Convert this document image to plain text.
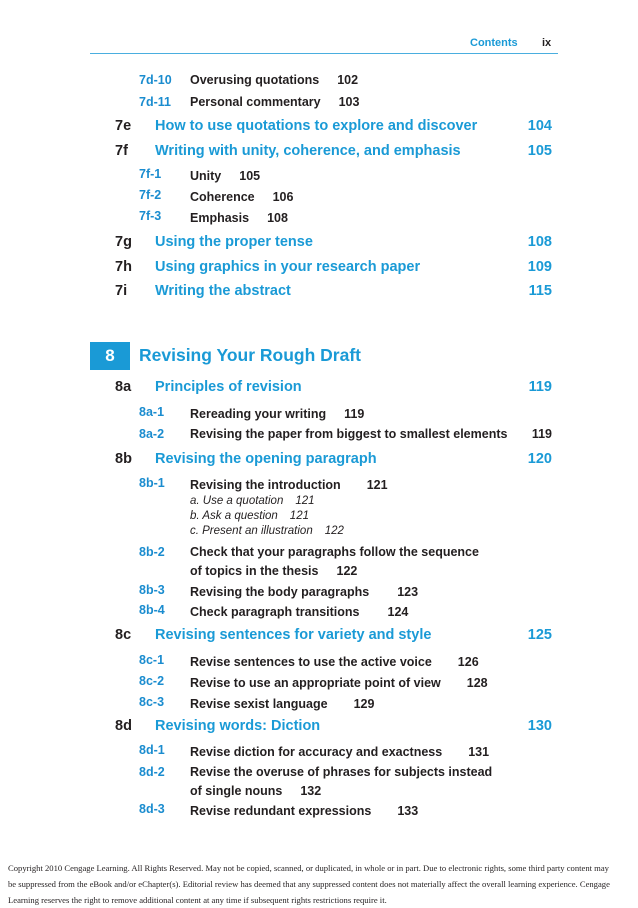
Contents ix
7d-10 Overusing quotations 102
7d-11 Personal commentary 103
7e How to use quotations to explore and discover	104
7f Writing with unity, coherence, and emphasis	105
7f-1 Unity 105
7f-2 Coherence 106
7f-3 Emphasis 108
7g Using the proper tense	108
7h Using graphics in your research paper	109
7i Writing the abstract	115
8	Revising Your Rough Draft
8a Principles of revision	119
8a-1 Rereading your writing 119
8a-2 Revising the paper from biggest to smallest elements 119
8b Revising the opening paragraph	120
8b-1 Revising the introduction 121
a. Use a quotation 121
b. Ask a question 121
c. Present an illustration 122
8b-2 Check that your paragraphs follow the sequence
of topics in the thesis 122
8b-3 Revising the body paragraphs 123
8b-4 Check paragraph transitions 124
8c Revising sentences for variety and style	125
8c-1 Revise sentences to use the active voice 126
8c-2 Revise to use an appropriate point of view 128
8c-3 Revise sexist language 129
8d Revising words: Diction	130
8d-1 Revise diction for accuracy and exactness 131
8d-2 Revise the overuse of phrases for subjects instead
of single nouns 132
8d-3 Revise redundant expressions 133
Copyright 2010 Cengage Learning. All Rights Reserved. May not be copied, scanned, or duplicated, in whole or in part. Due to electronic rights, some third party content may be suppressed from the eBook and/or eChapter(s). Editorial review has deemed that any suppressed content does not materially affect the overall learning experience. Cengage Learning reserves the right to remove additional content at any time if subsequent rights restrictions require it.
